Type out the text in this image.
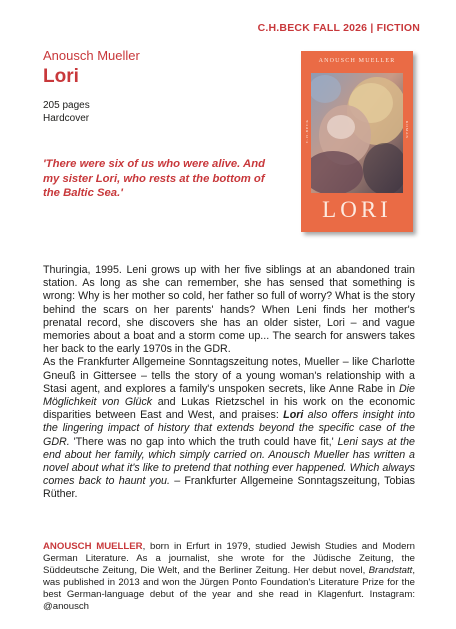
C.H.BECK FALL 2026 | FICTION
Anousch Mueller
Lori
205 pages
Hardcover
'There were six of us who were alive. And my sister Lori, who rests at the bottom of the Baltic Sea.'
ANOUSCH MUELLER
C.H.BECK	ROMAN
LORI

Thuringia, 1995. Leni grows up with her five siblings at an abandoned train station. As long as she can remember, she has sensed that something is wrong: Why is her mother so cold, her father so full of worry? What is the story behind the scars on her parents' hands? When Leni finds her mother's prenatal record, she discovers she has an older sister, Lori – and vague memories about a boat and a storm come up... The search for answers takes her back to the early 1970s in the GDR.

As the Frankfurter Allgemeine Sonntagszeitung notes, Mueller – like Charlotte Gneuß in Gittersee – tells the story of a young woman's relationship with a Stasi agent, and explores a family's unspoken secrets, like Anne Rabe in Die Möglichkeit von Glück and Lukas Rietzschel in his work on the economic disparities between East and West, and praises: Lori also offers insight into the lingering impact of history that extends beyond the specific case of the GDR. 'There was no gap into which the truth could have fit,' Leni says at the end about her family, which simply carried on. Anousch Mueller has written a novel about what it's like to pretend that nothing ever happened. Which always comes back to haunt you. – Frankfurter Allgemeine Sonntagszeitung, Tobias Rüther.

ANOUSCH MUELLER, born in Erfurt in 1979, studied Jewish Studies and Modern German Literature. As a journalist, she wrote for the Jüdische Zeitung, the Süddeutsche Zeitung, Die Welt, and the Berliner Zeitung. Her debut novel, Brandstatt, was published in 2013 and won the Jürgen Ponto Foundation's Literature Prize for the best German-language debut of the year and she read in Klagenfurt. Instagram: @anousch
